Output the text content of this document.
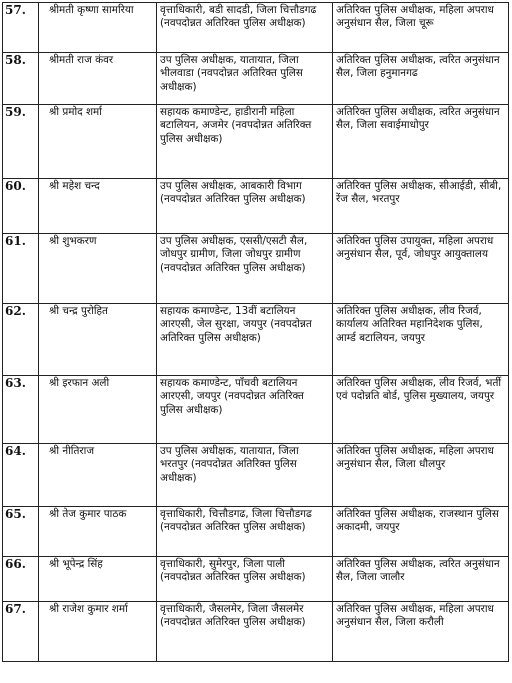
57.	श्रीमती कृष्णा सामरिया	वृत्ताधिकारी, बडी सादडी, जिला चित्तौडगढ (नवपदोन्नत अतिरिक्त पुलिस अधीक्षक)	अतिरिक्त पुलिस अधीक्षक, महिला अपराध अनुसंधान सैल, जिला चूरू
58.	श्रीमती राज कंवर	उप पुलिस अधीक्षक, यातायात, जिला भीलवाडा (नवपदोन्नत अतिरिक्त पुलिस अधीक्षक)	अतिरिक्त पुलिस अधीक्षक, त्वरित अनुसंधान सैल, जिला हनुमानगढ
59.	श्री प्रमोद शर्मा	सहायक कमाण्डेन्ट, हाडीरानी महिला बटालियन, अजमेर (नवपदोन्नत अतिरिक्त पुलिस अधीक्षक)	अतिरिक्त पुलिस अधीक्षक, त्वरित अनुसंधान सैल, जिला सवाईमाधोपुर
60.	श्री महेश चन्द	उप पुलिस अधीक्षक, आबकारी विभाग (नवपदोन्नत अतिरिक्त पुलिस अधीक्षक)	अतिरिक्त पुलिस अधीक्षक, सीआईडी, सीबी, रेंज सैल, भरतपुर
61.	श्री शुभकरण	उप पुलिस अधीक्षक, एससी/एसटी सैल, जोधपुर ग्रामीण, जिला जोधपुर ग्रामीण (नवपदोन्नत अतिरिक्त पुलिस अधीक्षक)	अतिरिक्त पुलिस उपायुक्त, महिला अपराध अनुसंधान सैल, पूर्व, जोधपुर आयुक्तालय
62.	श्री चन्द्र पुरोहित	सहायक कमाण्डेन्ट, 13वीं बटालियन आरएसी, जेल सुरक्षा, जयपुर (नवपदोन्नत अतिरिक्त पुलिस अधीक्षक)	अतिरिक्त पुलिस अधीक्षक, लीव रिजर्व, कार्यालय अतिरिक्त महानिदेशक पुलिस, आर्म्ड बटालियन, जयपुर
63.	श्री इरफान अली	सहायक कमाण्डेन्ट, पाँचवी बटालियन आरएसी, जयपुर (नवपदोन्नत अतिरिक्त पुलिस अधीक्षक)	अतिरिक्त पुलिस अधीक्षक, लीव रिजर्व, भर्ती एवं पदोन्नति बोर्ड, पुलिस मुख्यालय, जयपुर
64.	श्री नीतिराज	उप पुलिस अधीक्षक, यातायात, जिला भरतपुर (नवपदोन्नत अतिरिक्त पुलिस अधीक्षक)	अतिरिक्त पुलिस अधीक्षक, महिला अपराध अनुसंधान सैल, जिला धौलपुर
65.	श्री तेज कुमार पाठक	वृत्ताधिकारी, चित्तौडगढ, जिला चित्तौडगढ (नवपदोन्नत अतिरिक्त पुलिस अधीक्षक)	अतिरिक्त पुलिस अधीक्षक, राजस्थान पुलिस अकादमी, जयपुर
66.	श्री भूपेन्द्र सिंह	वृत्ताधिकारी, सुमेरपुर, जिला पाली (नवपदोन्नत अतिरिक्त पुलिस अधीक्षक)	अतिरिक्त पुलिस अधीक्षक, त्वरित अनुसंधान सैल, जिला जालौर
67.	श्री राजेश कुमार शर्मा	वृत्ताधिकारी, जैसलमेर, जिला जैसलमेर (नवपदोन्नत अतिरिक्त पुलिस अधीक्षक)	अतिरिक्त पुलिस अधीक्षक, महिला अपराध अनुसंधान सैल, जिला करौली
